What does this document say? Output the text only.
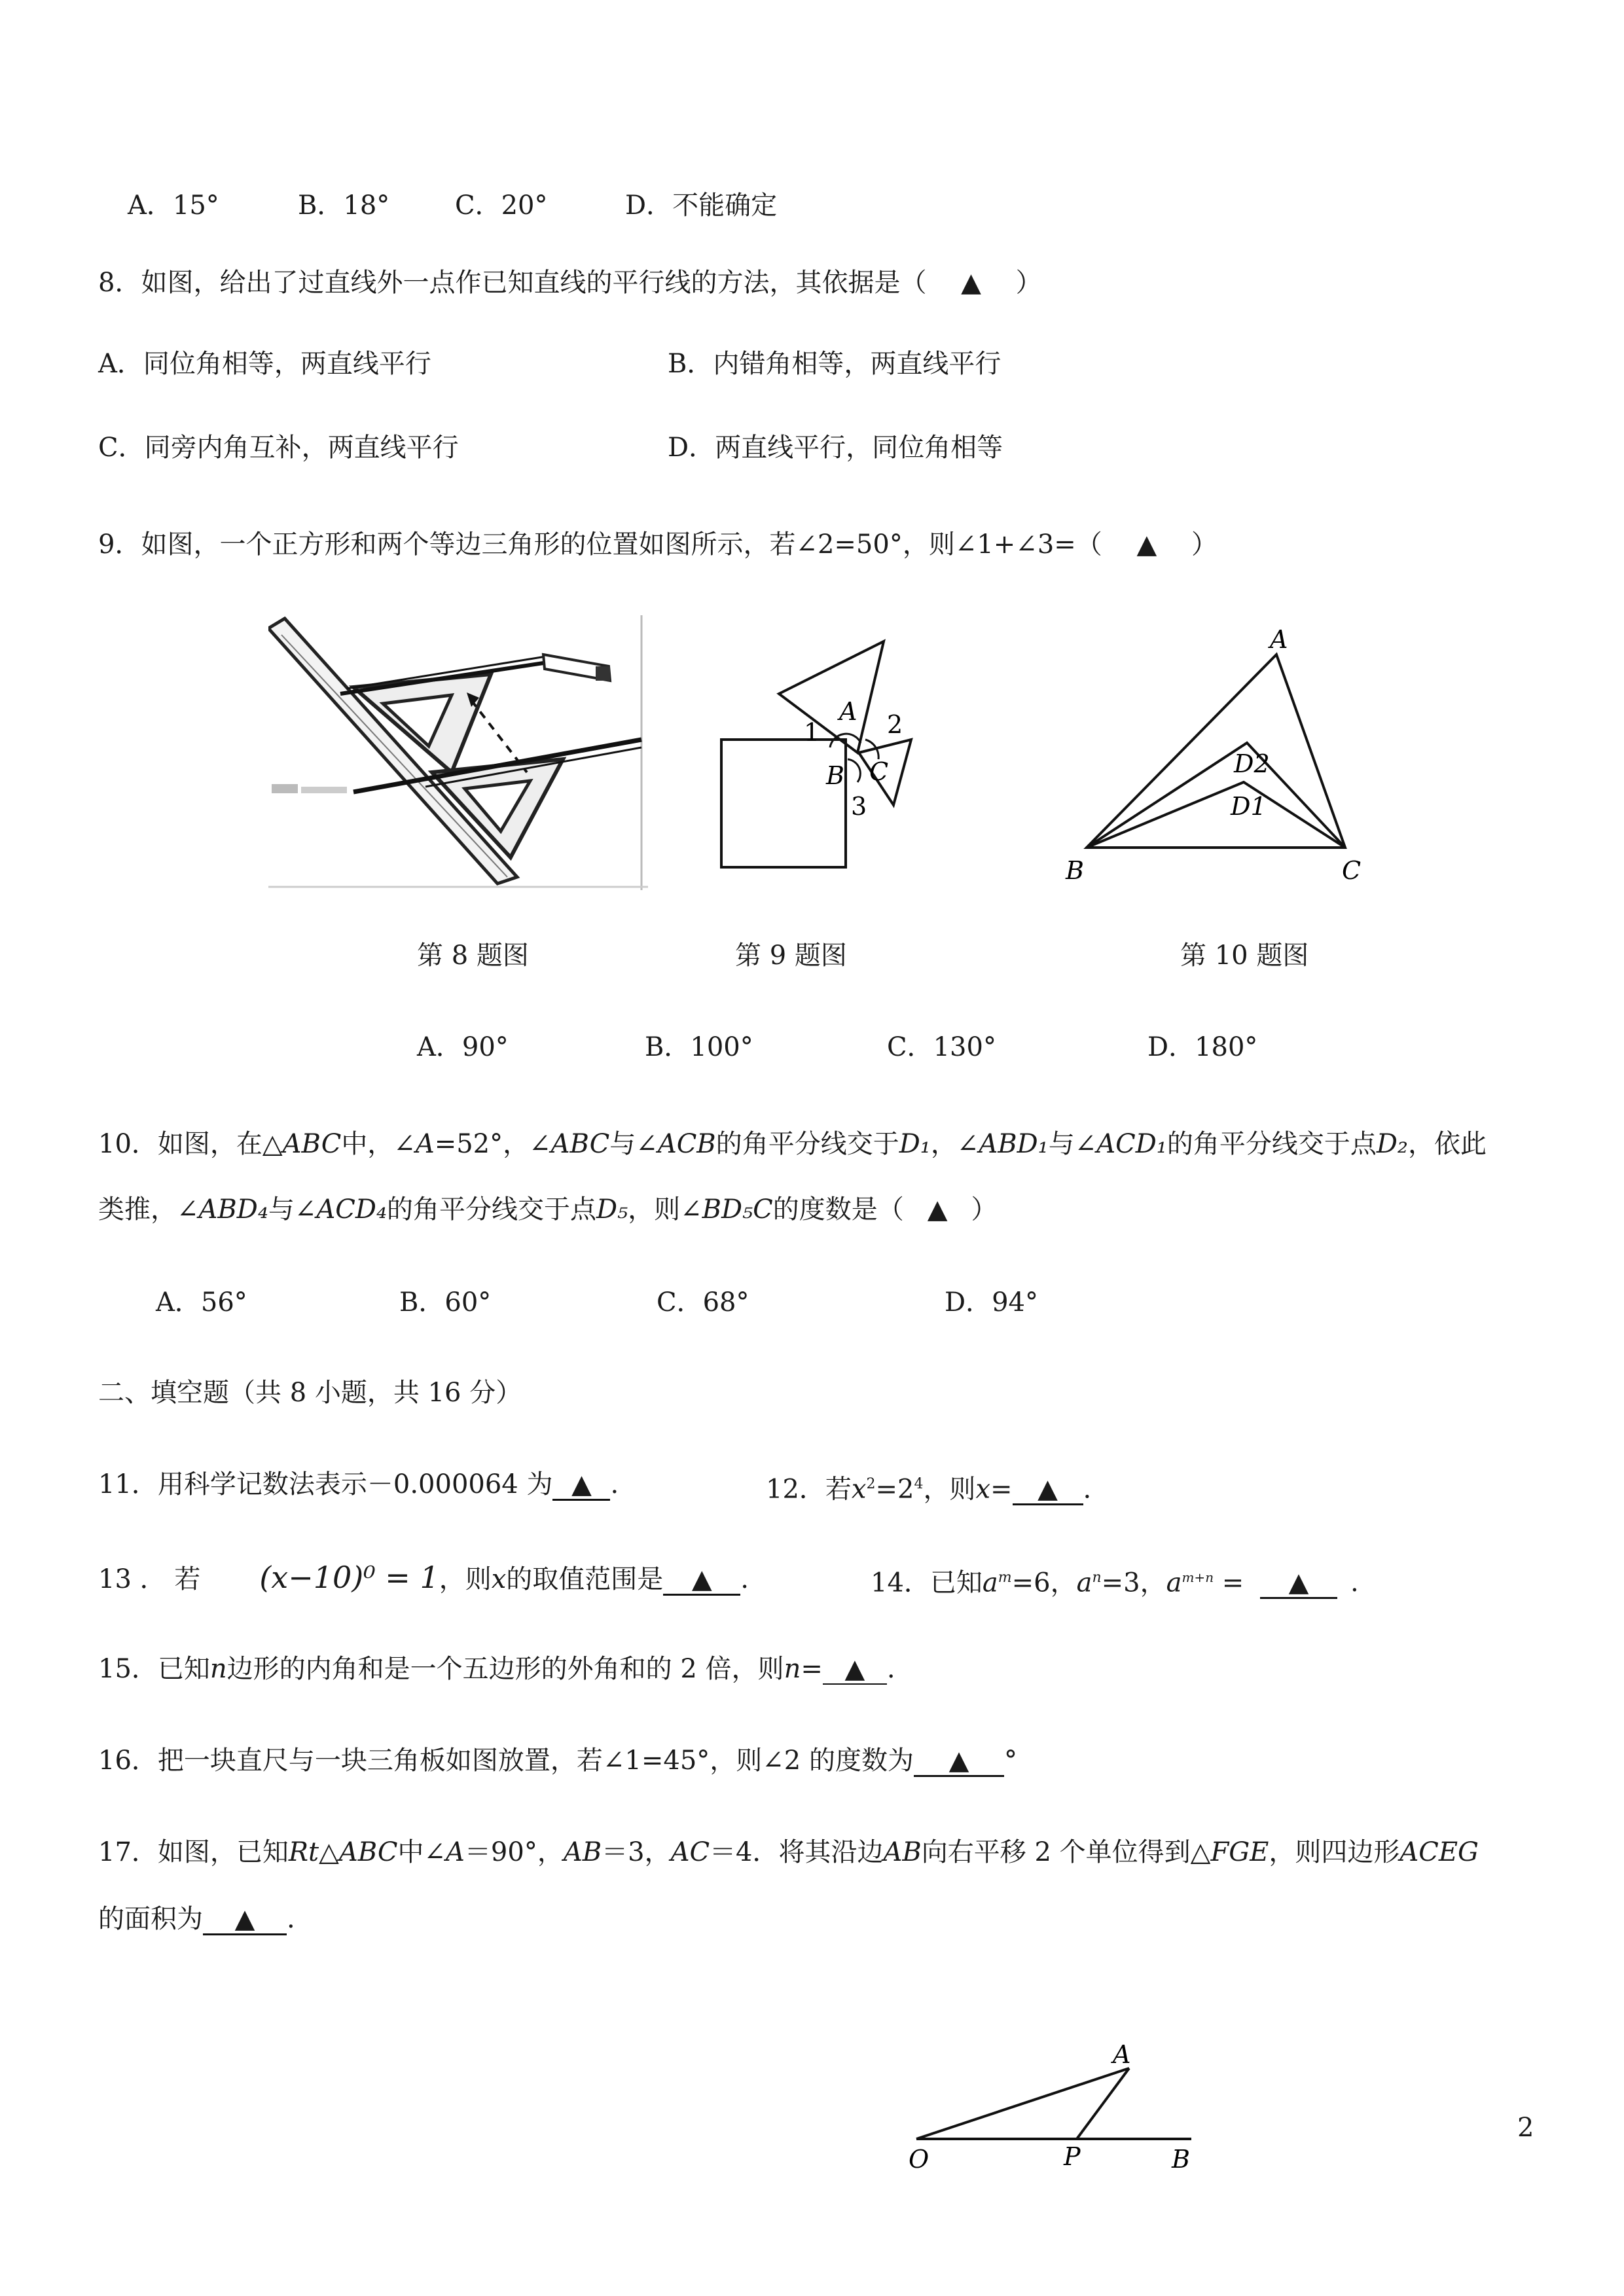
A．15°	B．18° C．20°	D．不能确定
8．如图，给出了过直线外一点作已知直线的平行线的方法，其依据是（ ▲ ）
A．同位角相等，两直线平行	B．内错角相等，两直线平行
C．同旁内角互补，两直线平行	D．两直线平行，同位角相等
9．如图，一个正方形和两个等边三角形的位置如图所示，若∠2=50°，则∠1+∠3=（ ▲ ）
1
A 2
B C
3
A
D2
D1
B	C
第 8 题图	第 9 题图	第 10 题图
A．90°	B．100°	C．130°	D．180°
10．如图，在△ABC中，∠A=52°，∠ABC与∠ACB的角平分线交于D₁，∠ABD₁与∠ACD₁的角平分线交于点D₂，依此
类推，∠ABD₄与∠ACD₄的角平分线交于点D₅，则∠BD₅C的度数是（ ▲ ）
A．56°	B．60°	C．68°	D．94°
二、填空题（共 8 小题，共 16 分）
11．用科学记数法表示－0.000064 为 ▲ .	12．若$x^2=2^4$，则x= ▲ .
13 ． 若 (x−10)⁰ = 1，则x的取值范围是 ▲ .	14．已知$a^m=6$，$a^n=3$，$a^{m+n}$ = ▲ .
15．已知n边形的内角和是一个五边形的外角和的 2 倍，则n= ▲ .
16．把一块直尺与一块三角板如图放置，若∠1=45°，则∠2 的度数为 ▲ °
17．如图，已知Rt△ABC中∠A＝90°，AB＝3，AC＝4．将其沿边AB向右平移 2 个单位得到△FGE，则四边形ACEG
的面积为 ▲ .
A
O	P	B
2
